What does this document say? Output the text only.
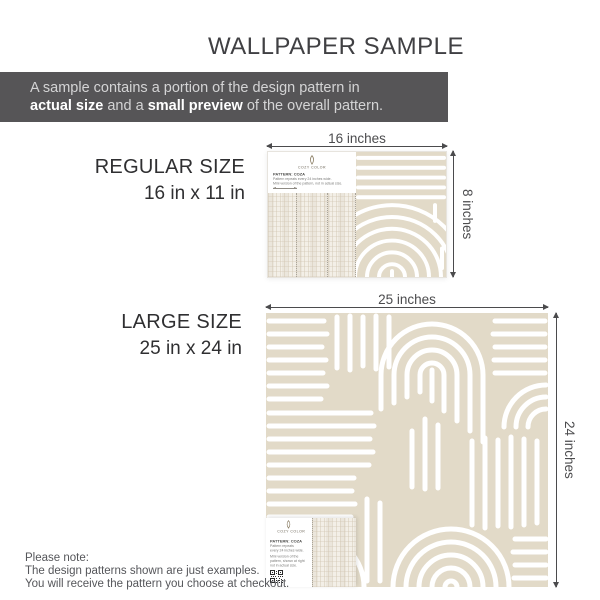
WALLPAPER SAMPLE
A sample contains a portion of the design pattern in
actual size and a small preview of the overall pattern.
REGULAR SIZE
16 in x 11 in
16 inches
8 inches
COZY COLOR
PATTERN: COZA
Pattern repeats every 24 inches wide.
Mini version of the pattern, not in actual size.
LARGE SIZE
25 in x 24 in
25 inches
24 inches
COZY COLOR
PATTERN: COZA
Pattern repeats
every 24 inches wide.
Mini version of the
pattern, shown at right
not in actual size.
Please note:
The design patterns shown are just examples.
You will receive the pattern you choose at checkout.
